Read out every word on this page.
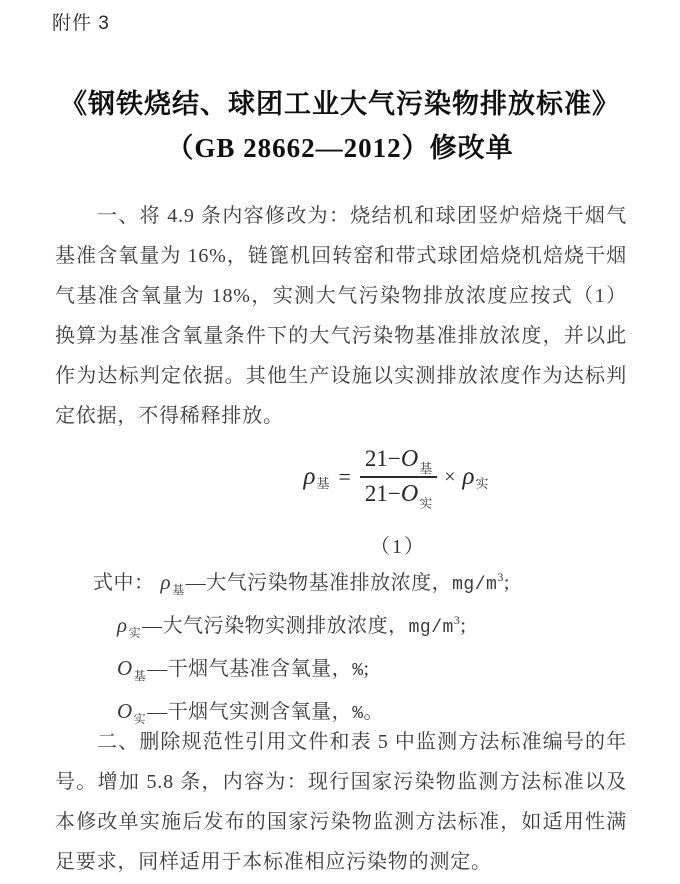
附件 3
《钢铁烧结、球团工业大气污染物排放标准》
（GB 28662—2012）修改单
一、将 4.9 条内容修改为：烧结机和球团竖炉焙烧干烟气基准含氧量为 16%，链篦机回转窑和带式球团焙烧机焙烧干烟气基准含氧量为 18%，实测大气污染物排放浓度应按式（1）换算为基准含氧量条件下的大气污染物基准排放浓度，并以此作为达标判定依据。其他生产设施以实测排放浓度作为达标判定依据，不得稀释排放。
ρ 基 = $\frac{21-O_基}{21-O_实} \times \rho$ 实
（1）
式中： $\rho_基—$大气污染物基准排放浓度，$mg/m^3$;
$\rho_实—$大气污染物实测排放浓度，$mg/m^3$;
$O_基—$干烟气基准含氧量，%;
$O_实—$干烟气实测含氧量，%。
二、删除规范性引用文件和表 5 中监测方法标准编号的年号。增加 5.8 条，内容为：现行国家污染物监测方法标准以及本修改单实施后发布的国家污染物监测方法标准，如适用性满足要求，同样适用于本标准相应污染物的测定。
